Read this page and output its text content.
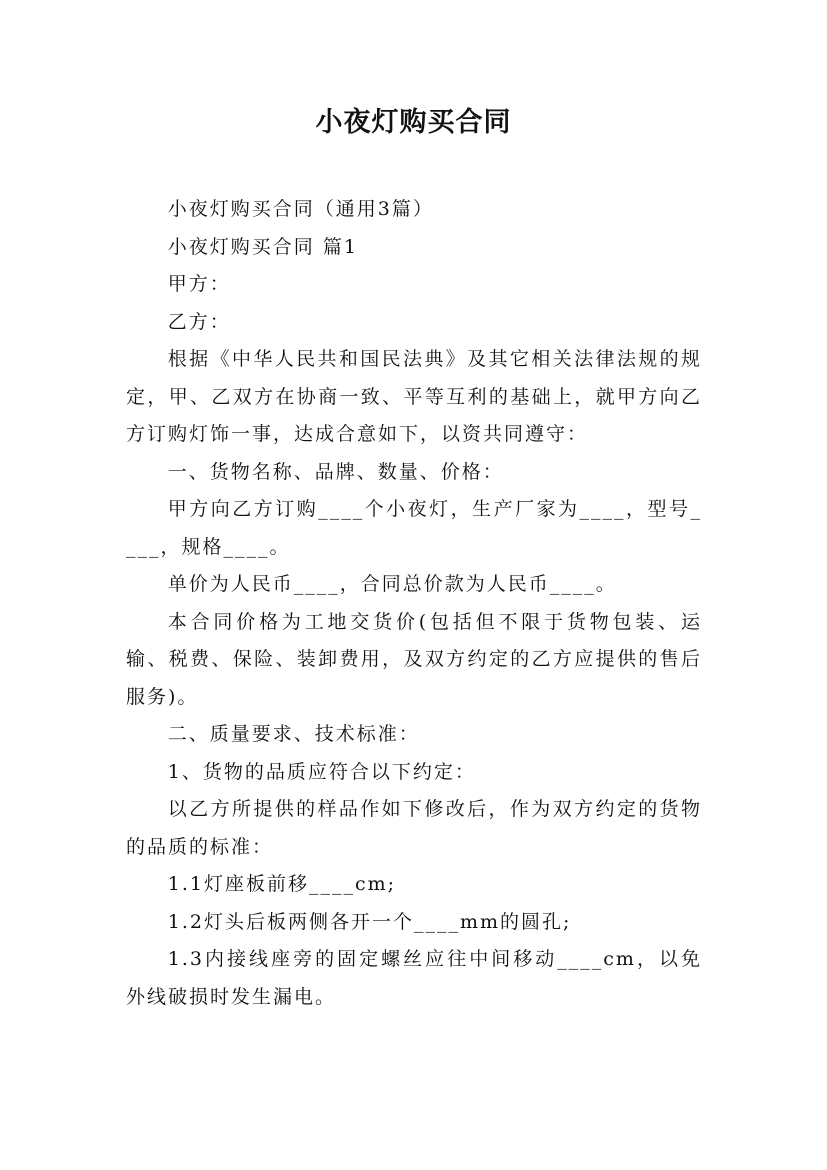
小夜灯购买合同

小夜灯购买合同（通用3篇）

小夜灯购买合同 篇1

甲方：

乙方：

根据《中华人民共和国民法典》及其它相关法律法规的规定，甲、乙双方在协商一致、平等互利的基础上，就甲方向乙方订购灯饰一事，达成合意如下，以资共同遵守：

一、货物名称、品牌、数量、价格：

甲方向乙方订购____个小夜灯，生产厂家为____，型号____，规格____。

单价为人民币____，合同总价款为人民币____。

本合同价格为工地交货价(包括但不限于货物包装、运输、税费、保险、装卸费用，及双方约定的乙方应提供的售后服务)。

二、质量要求、技术标准：

1、货物的品质应符合以下约定：

以乙方所提供的样品作如下修改后，作为双方约定的货物的品质的标准：

1.1灯座板前移____cm;

1.2灯头后板两侧各开一个____mm的圆孔;

1.3内接线座旁的固定螺丝应往中间移动____cm，以免外线破损时发生漏电。
